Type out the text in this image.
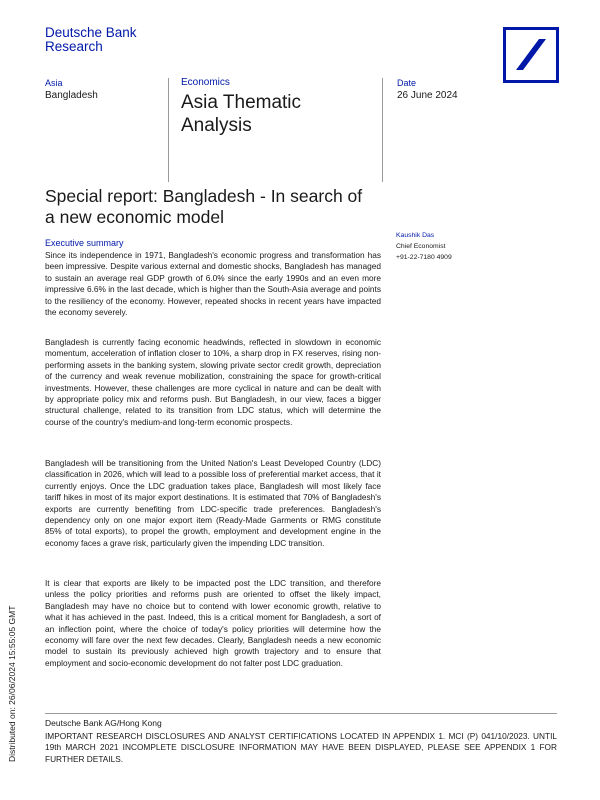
Deutsche Bank
Research
Asia
Bangladesh
Economics
Asia Thematic Analysis
Date
26 June 2024
Special report: Bangladesh - In search of a new economic model
Kaushik Das
Chief Economist
+91-22-7180 4909
Executive summary

Since its independence in 1971, Bangladesh's economic progress and transformation has been impressive. Despite various external and domestic shocks, Bangladesh has managed to sustain an average real GDP growth of 6.0% since the early 1990s and an even more impressive 6.6% in the last decade, which is higher than the South-Asia average and points to the resiliency of the economy. However, repeated shocks in recent years have impacted the economy severely.

Bangladesh is currently facing economic headwinds, reflected in slowdown in economic momentum, acceleration of inflation closer to 10%, a sharp drop in FX reserves, rising non-performing assets in the banking system, slowing private sector credit growth, depreciation of the currency and weak revenue mobilization, constraining the space for growth-critical investments. However, these challenges are more cyclical in nature and can be dealt with by appropriate policy mix and reforms push. But Bangladesh, in our view, faces a bigger structural challenge, related to its transition from LDC status, which will determine the course of the country's medium-and long-term economic prospects.

Bangladesh will be transitioning from the United Nation's Least Developed Country (LDC) classification in 2026, which will lead to a possible loss of preferential market access, that it currently enjoys. Once the LDC graduation takes place, Bangladesh will most likely face tariff hikes in most of its major export destinations. It is estimated that 70% of Bangladesh's exports are currently benefiting from LDC-specific trade preferences. Bangladesh's dependency only on one major export item (Ready-Made Garments or RMG constitute 85% of total exports), to propel the growth, employment and development engine in the economy faces a grave risk, particularly given the impending LDC transition.

It is clear that exports are likely to be impacted post the LDC transition, and therefore unless the policy priorities and reforms push are oriented to offset the likely impact, Bangladesh may have no choice but to contend with lower economic growth, relative to what it has achieved in the past. Indeed, this is a critical moment for Bangladesh, a sort of an inflection point, where the choice of today's policy priorities will determine how the economy will fare over the next few decades. Clearly, Bangladesh needs a new economic model to sustain its previously achieved high growth trajectory and to ensure that employment and socio-economic development do not falter post LDC graduation.

Distributed on: 26/06/2024 15:55:05 GMT	Deutsche Bank AG/Hong Kong

IMPORTANT RESEARCH DISCLOSURES AND ANALYST CERTIFICATIONS LOCATED IN APPENDIX 1. MCI (P) 041/10/2023. UNTIL 19th MARCH 2021 INCOMPLETE DISCLOSURE INFORMATION MAY HAVE BEEN DISPLAYED, PLEASE SEE APPENDIX 1 FOR FURTHER DETAILS.
